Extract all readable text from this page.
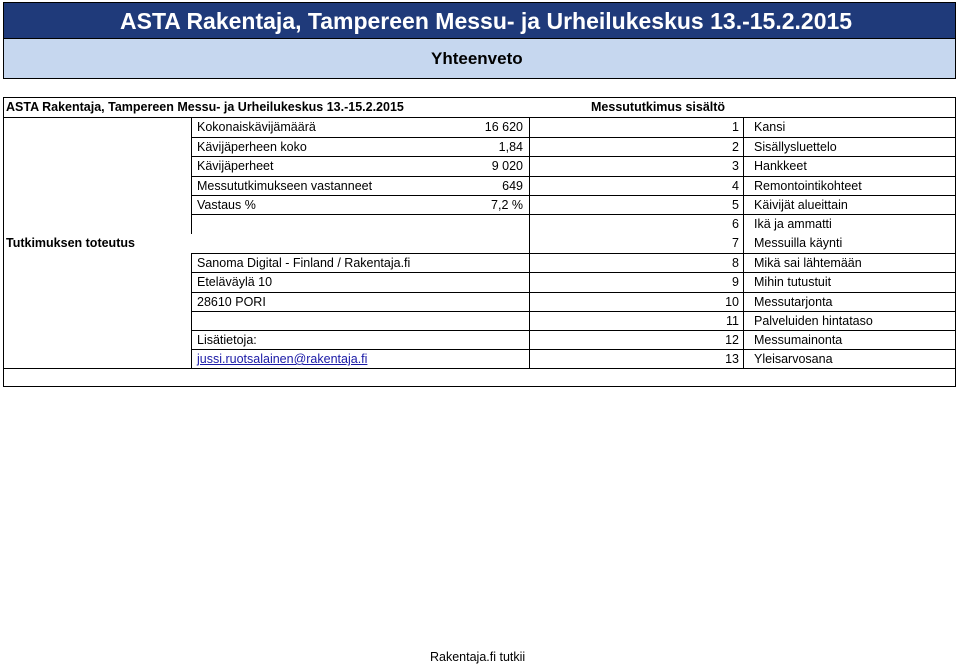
ASTA Rakentaja, Tampereen Messu- ja Urheilukeskus 13.-15.2.2015
Yhteenveto
ASTA Rakentaja, Tampereen Messu- ja Urheilukeskus 13.-15.2.2015	Messututkimus sisältö
Kokonaiskävijämäärä	16 620	1	Kansi
Kävijäperheen koko	1,84	2	Sisällysluettelo
Kävijäperheet	9 020	3	Hankkeet
Messututkimukseen vastanneet	649	4	Remontointikohteet
Vastaus %	7,2 %	5	Käivijät alueittain
6	Ikä ja ammatti
Tutkimuksen toteutus	7	Messuilla käynti
Sanoma Digital - Finland / Rakentaja.fi	8	Mikä sai lähtemään
Eteläväylä 10	9	Mihin tutustuit
28610 PORI	10	Messutarjonta
11	Palveluiden hintataso
Lisätietoja:	12	Messumainonta
jussi.ruotsalainen@rakentaja.fi	13	Yleisarvosana
Rakentaja.fi tutkii
